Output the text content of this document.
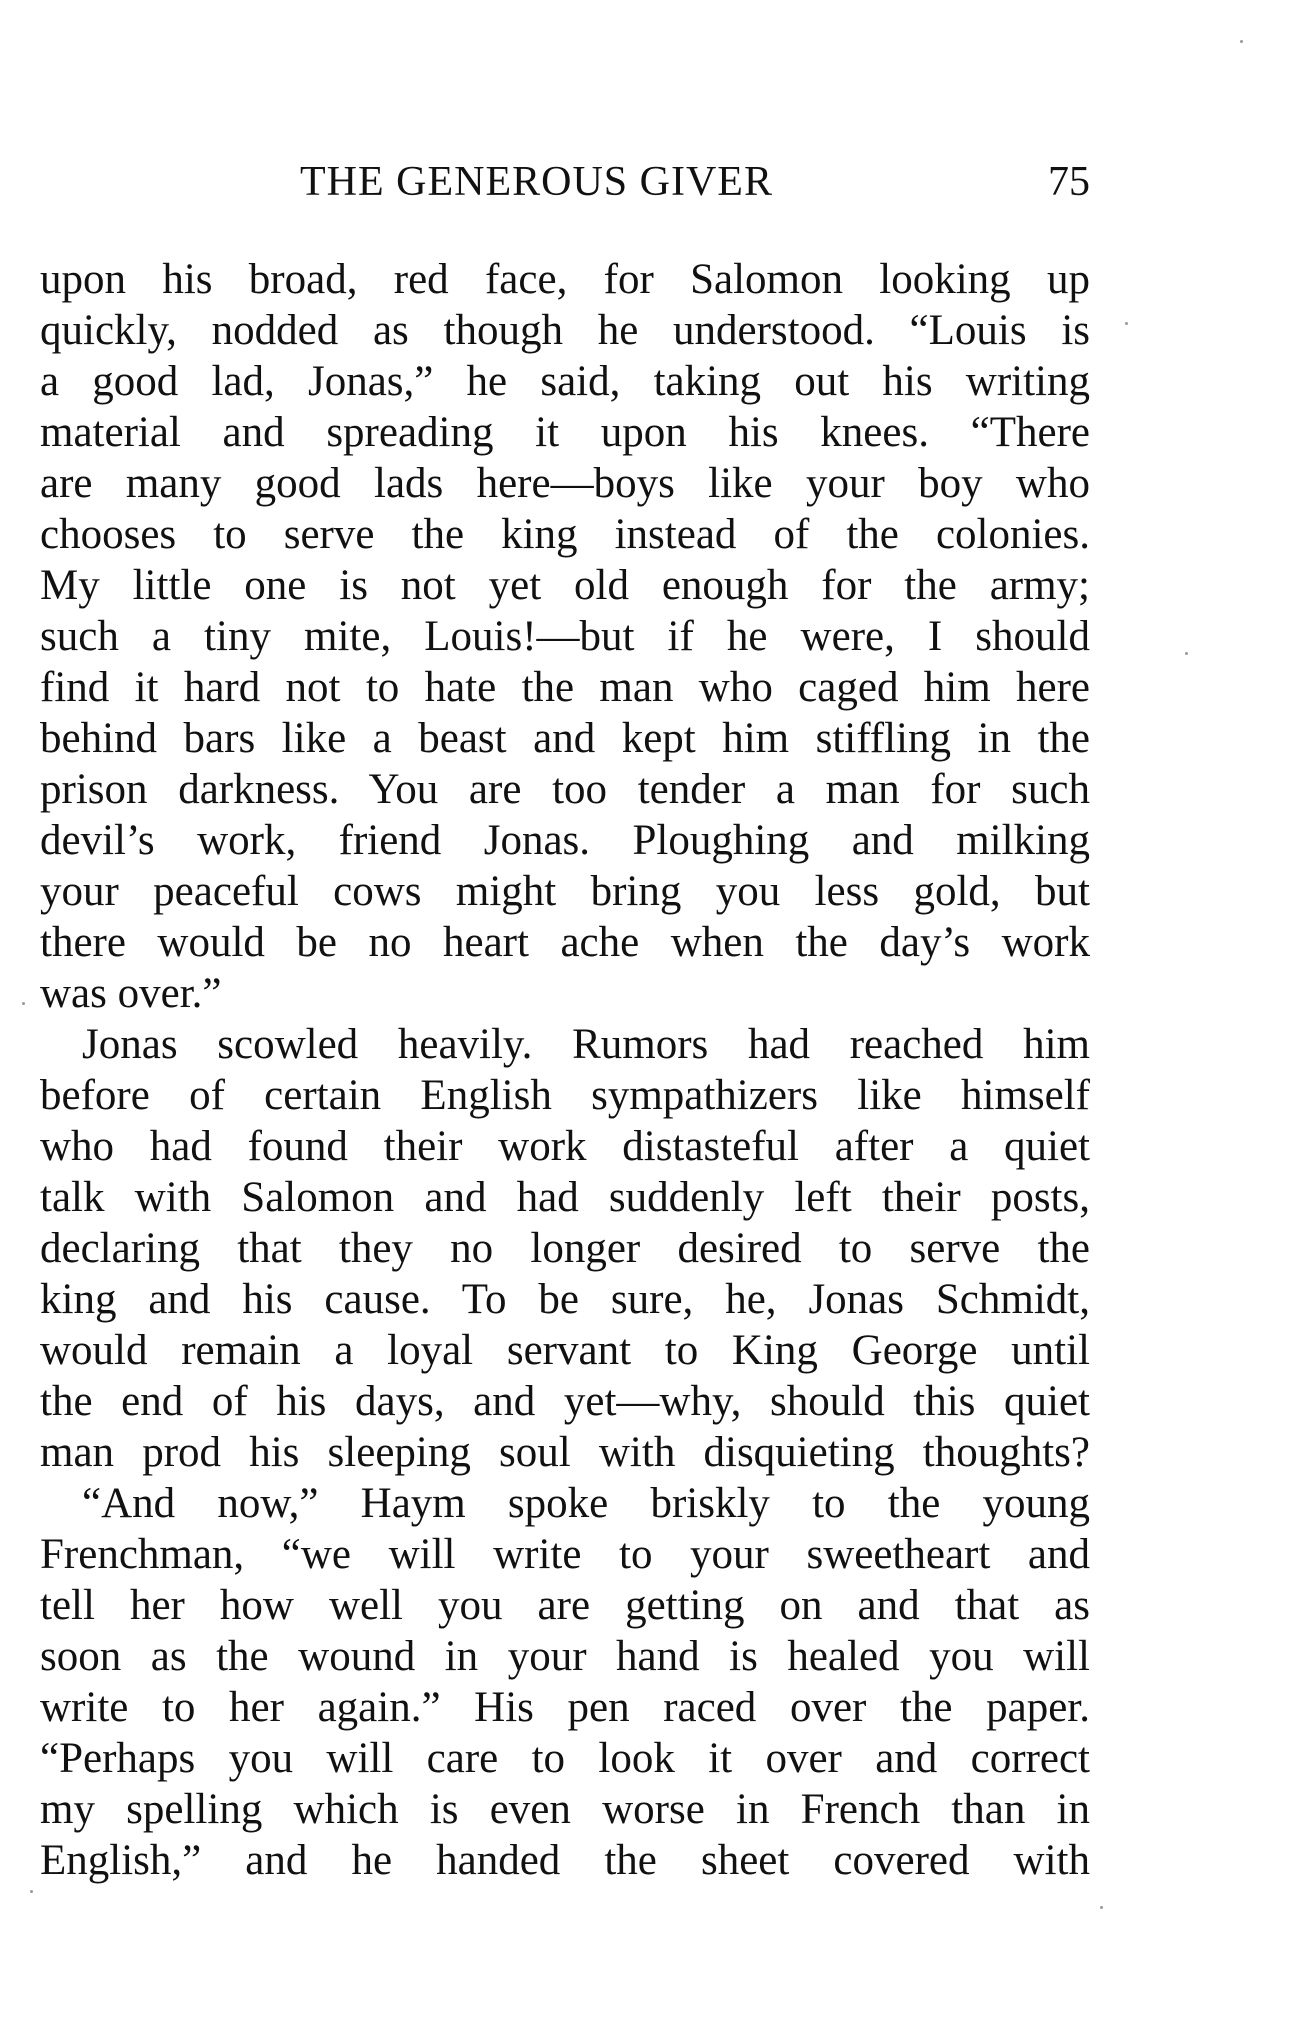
THE GENEROUS GIVER	75
upon his broad, red face, for Salomon looking up
quickly, nodded as though he understood. “Louis is
a good lad, Jonas,” he said, taking out his writing
material and spreading it upon his knees. “There
are many good lads here—boys like your boy who
chooses to serve the king instead of the colonies.
My little one is not yet old enough for the army;
such a tiny mite, Louis!—but if he were, I should
find it hard not to hate the man who caged him here
behind bars like a beast and kept him stiffling in the
prison darkness. You are too tender a man for such
devil’s work, friend Jonas. Ploughing and milking
your peaceful cows might bring you less gold, but
there would be no heart ache when the day’s work
was over.”
Jonas scowled heavily. Rumors had reached him
before of certain English sympathizers like himself
who had found their work distasteful after a quiet
talk with Salomon and had suddenly left their posts,
declaring that they no longer desired to serve the
king and his cause. To be sure, he, Jonas Schmidt,
would remain a loyal servant to King George until
the end of his days, and yet—why, should this quiet
man prod his sleeping soul with disquieting thoughts?
“And now,” Haym spoke briskly to the young
Frenchman, “we will write to your sweetheart and
tell her how well you are getting on and that as
soon as the wound in your hand is healed you will
write to her again.” His pen raced over the paper.
“Perhaps you will care to look it over and correct
my spelling which is even worse in French than in
English,” and he handed the sheet covered with
